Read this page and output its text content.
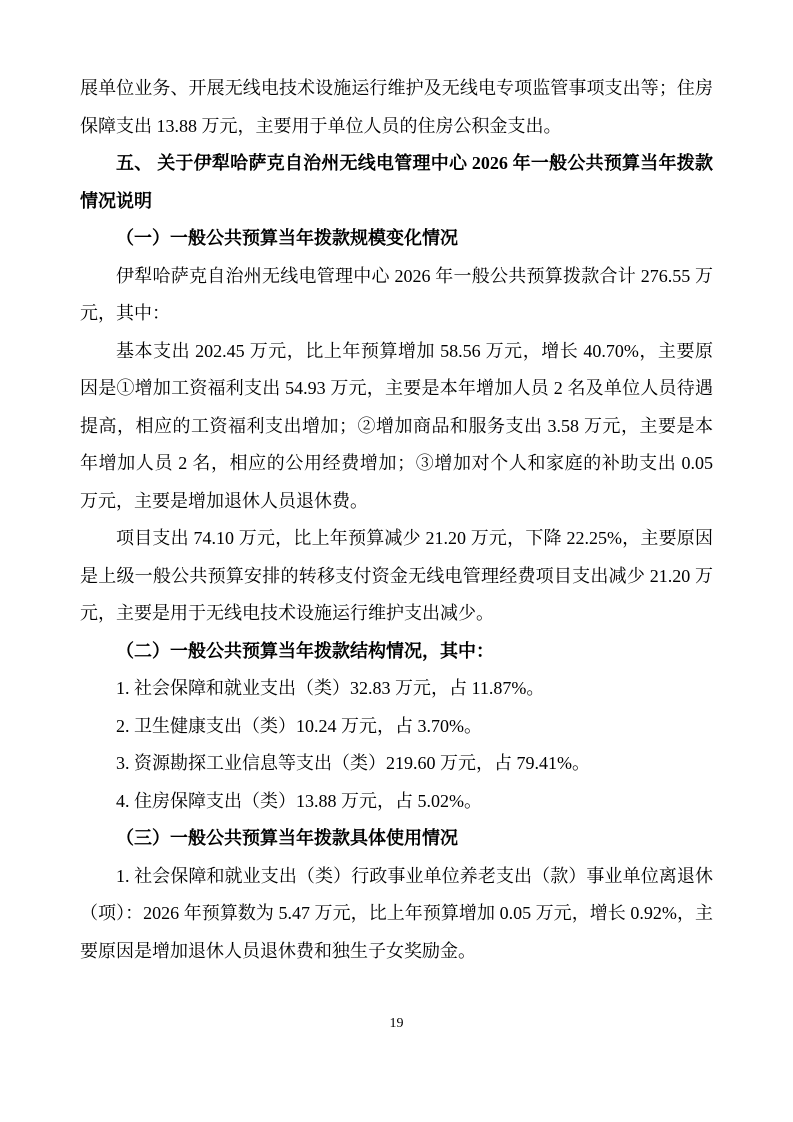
展单位业务、开展无线电技术设施运行维护及无线电专项监管事项支出等；住房保障支出 13.88 万元，主要用于单位人员的住房公积金支出。

五、 关于伊犁哈萨克自治州无线电管理中心 2026 年一般公共预算当年拨款情况说明

（一）一般公共预算当年拨款规模变化情况

伊犁哈萨克自治州无线电管理中心 2026 年一般公共预算拨款合计 276.55 万元，其中：

基本支出 202.45 万元，比上年预算增加 58.56 万元，增长 40.70%，主要原因是①增加工资福利支出 54.93 万元，主要是本年增加人员 2 名及单位人员待遇提高，相应的工资福利支出增加；②增加商品和服务支出 3.58 万元，主要是本年增加人员 2 名，相应的公用经费增加；③增加对个人和家庭的补助支出 0.05 万元，主要是增加退休人员退休费。

项目支出 74.10 万元，比上年预算减少 21.20 万元，下降 22.25%，主要原因是上级一般公共预算安排的转移支付资金无线电管理经费项目支出减少 21.20 万元，主要是用于无线电技术设施运行维护支出减少。

（二）一般公共预算当年拨款结构情况，其中：

1. 社会保障和就业支出（类）32.83 万元，占 11.87%。

2. 卫生健康支出（类）10.24 万元，占 3.70%。

3. 资源勘探工业信息等支出（类）219.60 万元，占 79.41%。

4. 住房保障支出（类）13.88 万元，占 5.02%。

（三）一般公共预算当年拨款具体使用情况

1. 社会保障和就业支出（类）行政事业单位养老支出（款）事业单位离退休（项）：2026 年预算数为 5.47 万元，比上年预算增加 0.05 万元，增长 0.92%，主要原因是增加退休人员退休费和独生子女奖励金。

19
